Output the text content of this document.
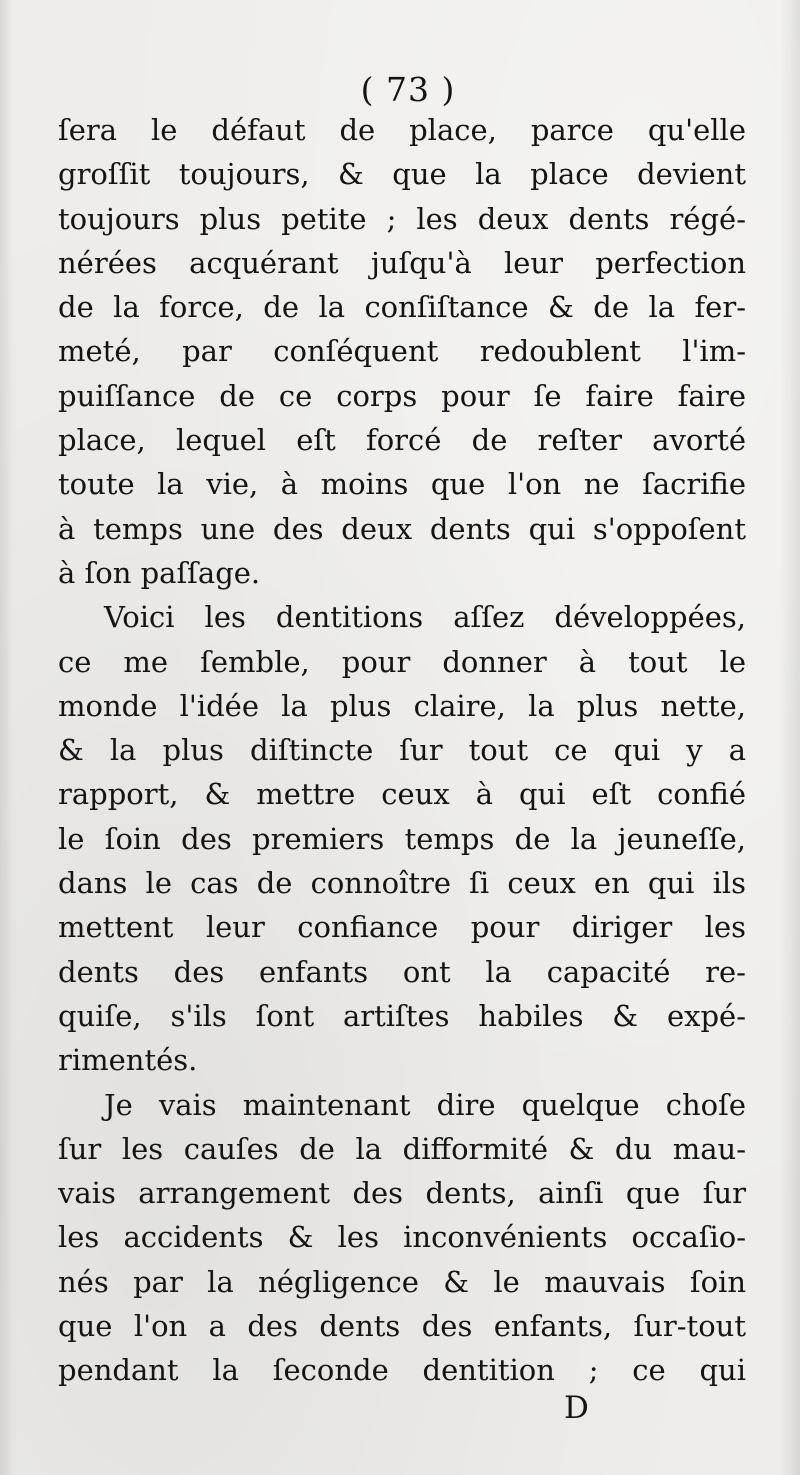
( 73 )
ſera le défaut de place, parce qu'elle
groſſit toujours, & que la place devient
toujours plus petite ; les deux dents régé-
nérées acquérant juſqu'à leur perfection
de la force, de la conſiſtance & de la fer-
meté, par conſéquent redoublent l'im-
puiſſance de ce corps pour ſe faire faire
place, lequel eſt forcé de reſter avorté
toute la vie, à moins que l'on ne ſacrifie
à temps une des deux dents qui s'oppoſent
à ſon paſſage.
Voici les dentitions aſſez développées,
ce me ſemble, pour donner à tout le
monde l'idée la plus claire, la plus nette,
& la plus diſtincte ſur tout ce qui y a
rapport, & mettre ceux à qui eſt confié
le ſoin des premiers temps de la jeuneſſe,
dans le cas de connoître ſi ceux en qui ils
mettent leur confiance pour diriger les
dents des enfants ont la capacité re-
quiſe, s'ils ſont artiſtes habiles & expé-
rimentés.
Je vais maintenant dire quelque choſe
ſur les cauſes de la difformité & du mau-
vais arrangement des dents, ainſi que ſur
les accidents & les inconvénients occaſio-
nés par la négligence & le mauvais ſoin
que l'on a des dents des enfants, ſur-tout
pendant la ſeconde dentition ; ce qui
D
